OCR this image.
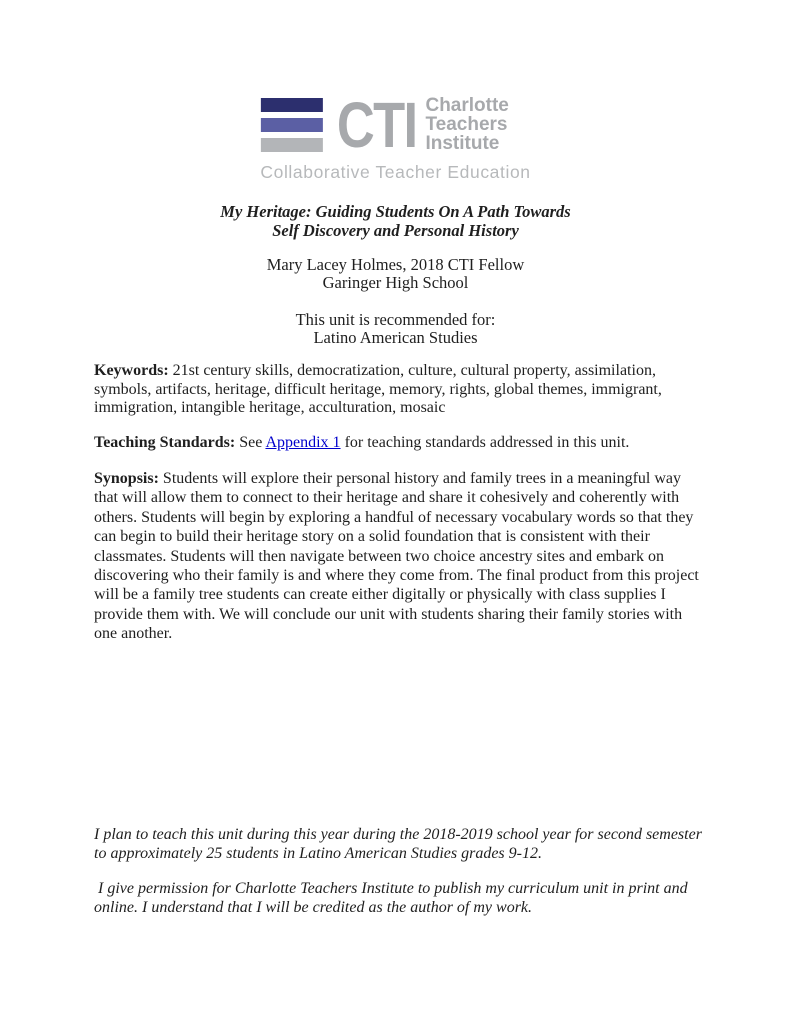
CTI Charlotte
Teachers
Institute
Collaborative Teacher Education
My Heritage: Guiding Students On A Path Towards
Self Discovery and Personal History
Mary Lacey Holmes, 2018 CTI Fellow
Garinger High School
This unit is recommended for:
Latino American Studies
Keywords: 21st century skills, democratization, culture, cultural property, assimilation, symbols, artifacts, heritage, difficult heritage, memory, rights, global themes, immigrant, immigration, intangible heritage, acculturation, mosaic
Teaching Standards: See Appendix 1 for teaching standards addressed in this unit.
Synopsis: Students will explore their personal history and family trees in a meaningful way that will allow them to connect to their heritage and share it cohesively and coherently with others. Students will begin by exploring a handful of necessary vocabulary words so that they can begin to build their heritage story on a solid foundation that is consistent with their classmates. Students will then navigate between two choice ancestry sites and embark on discovering who their family is and where they come from. The final product from this project will be a family tree students can create either digitally or physically with class supplies I provide them with. We will conclude our unit with students sharing their family stories with one another.
I plan to teach this unit during this year during the 2018-2019 school year for second semester to approximately 25 students in Latino American Studies grades 9-12.
I give permission for Charlotte Teachers Institute to publish my curriculum unit in print and online. I understand that I will be credited as the author of my work.
